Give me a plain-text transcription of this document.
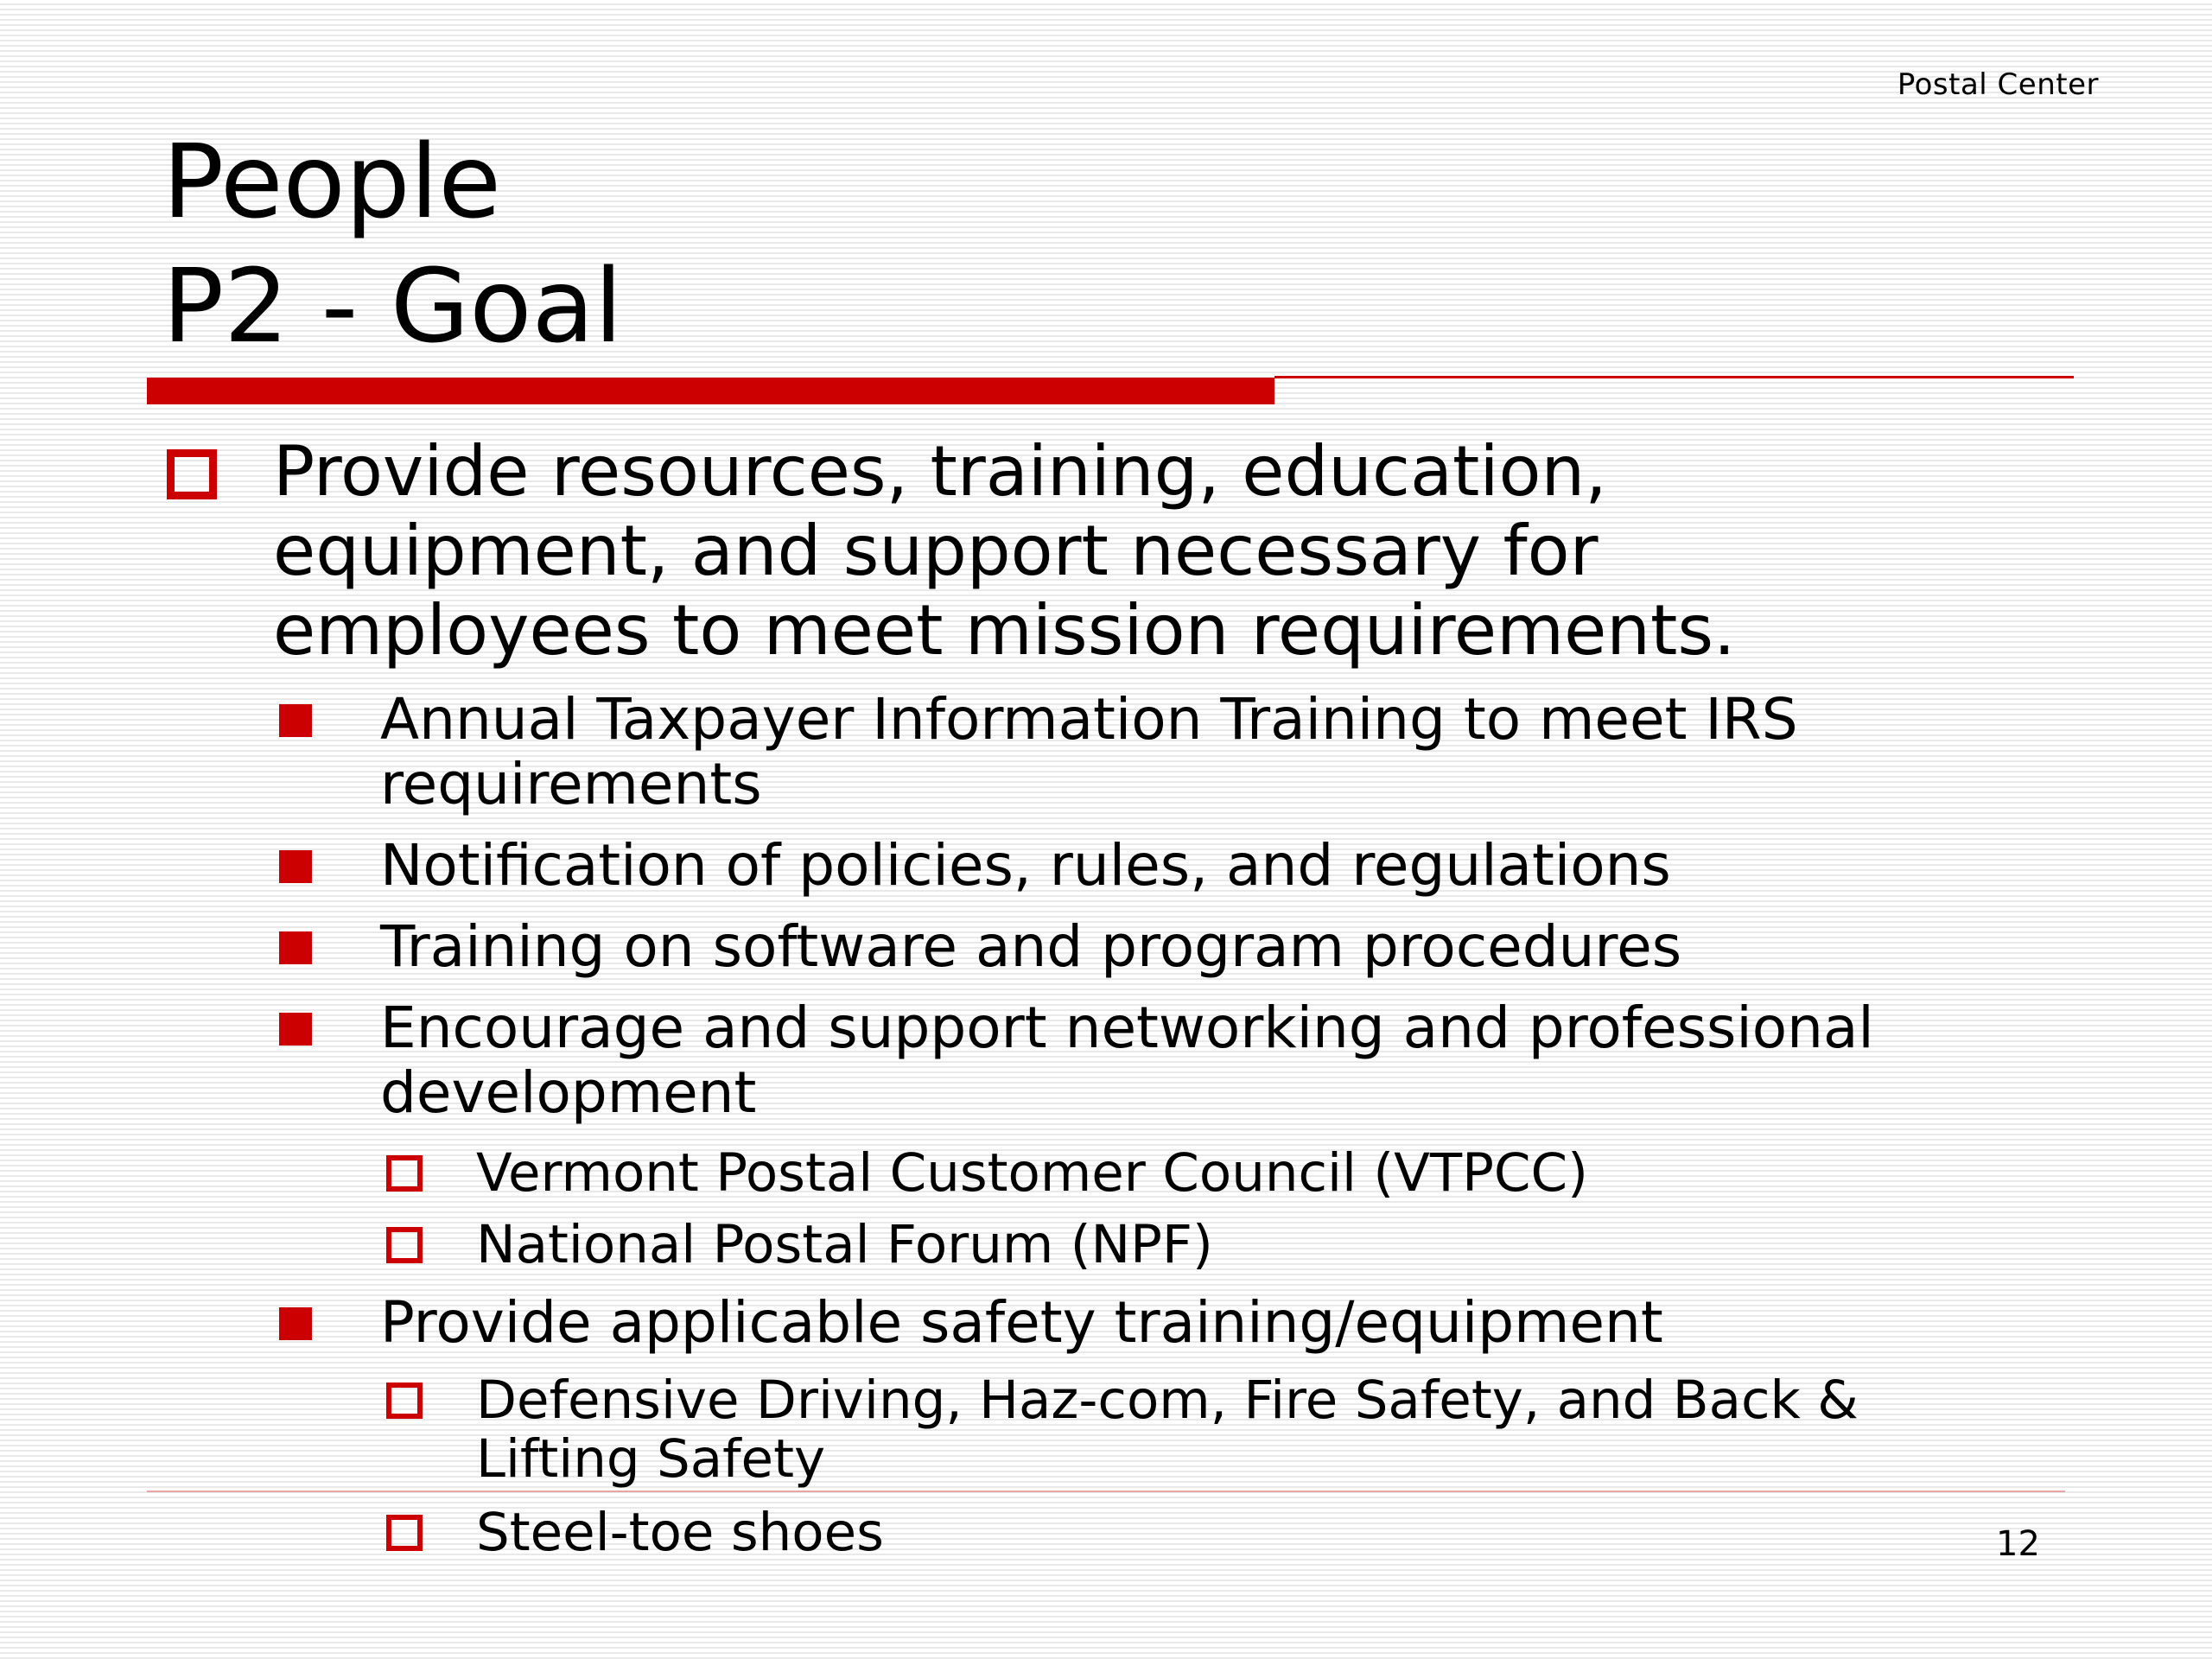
Postal Center
People
P2 - Goal
Provide resources, training, education,
equipment, and support necessary for
employees to meet mission requirements.
Annual Taxpayer Information Training to meet IRS
requirements
Notification of policies, rules, and regulations
Training on software and program procedures
Encourage and support networking and professional
development
Vermont Postal Customer Council (VTPCC)
National Postal Forum (NPF)
Provide applicable safety training/equipment
Defensive Driving, Haz-com, Fire Safety, and Back &
Lifting Safety
Steel-toe shoes	12
